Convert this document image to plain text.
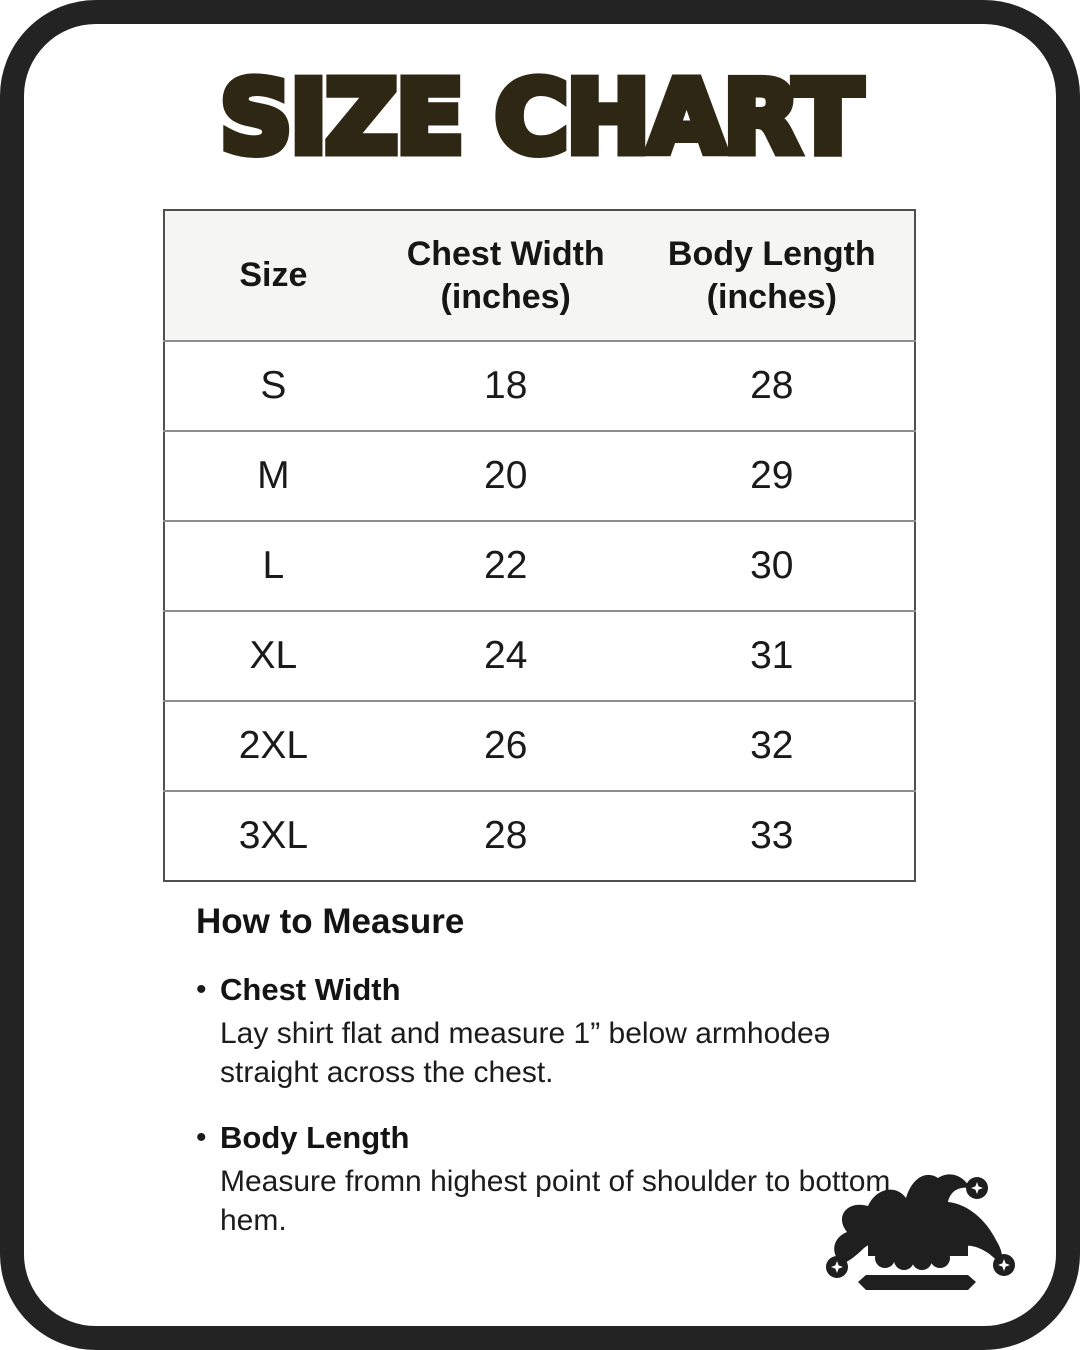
SIZE CHART
Size	Chest Width (inches)	Body Length (inches)
S	18	28
M	20	29
L	22	30
XL	24	31
2XL	26	32
3XL	28	33
How to Measure
• Chest Width
Lay shirt flat and measure 1” below armhodeə straight across the chest.
• Body Length
Measure fromn highest point of shoulder to bottom hem.
